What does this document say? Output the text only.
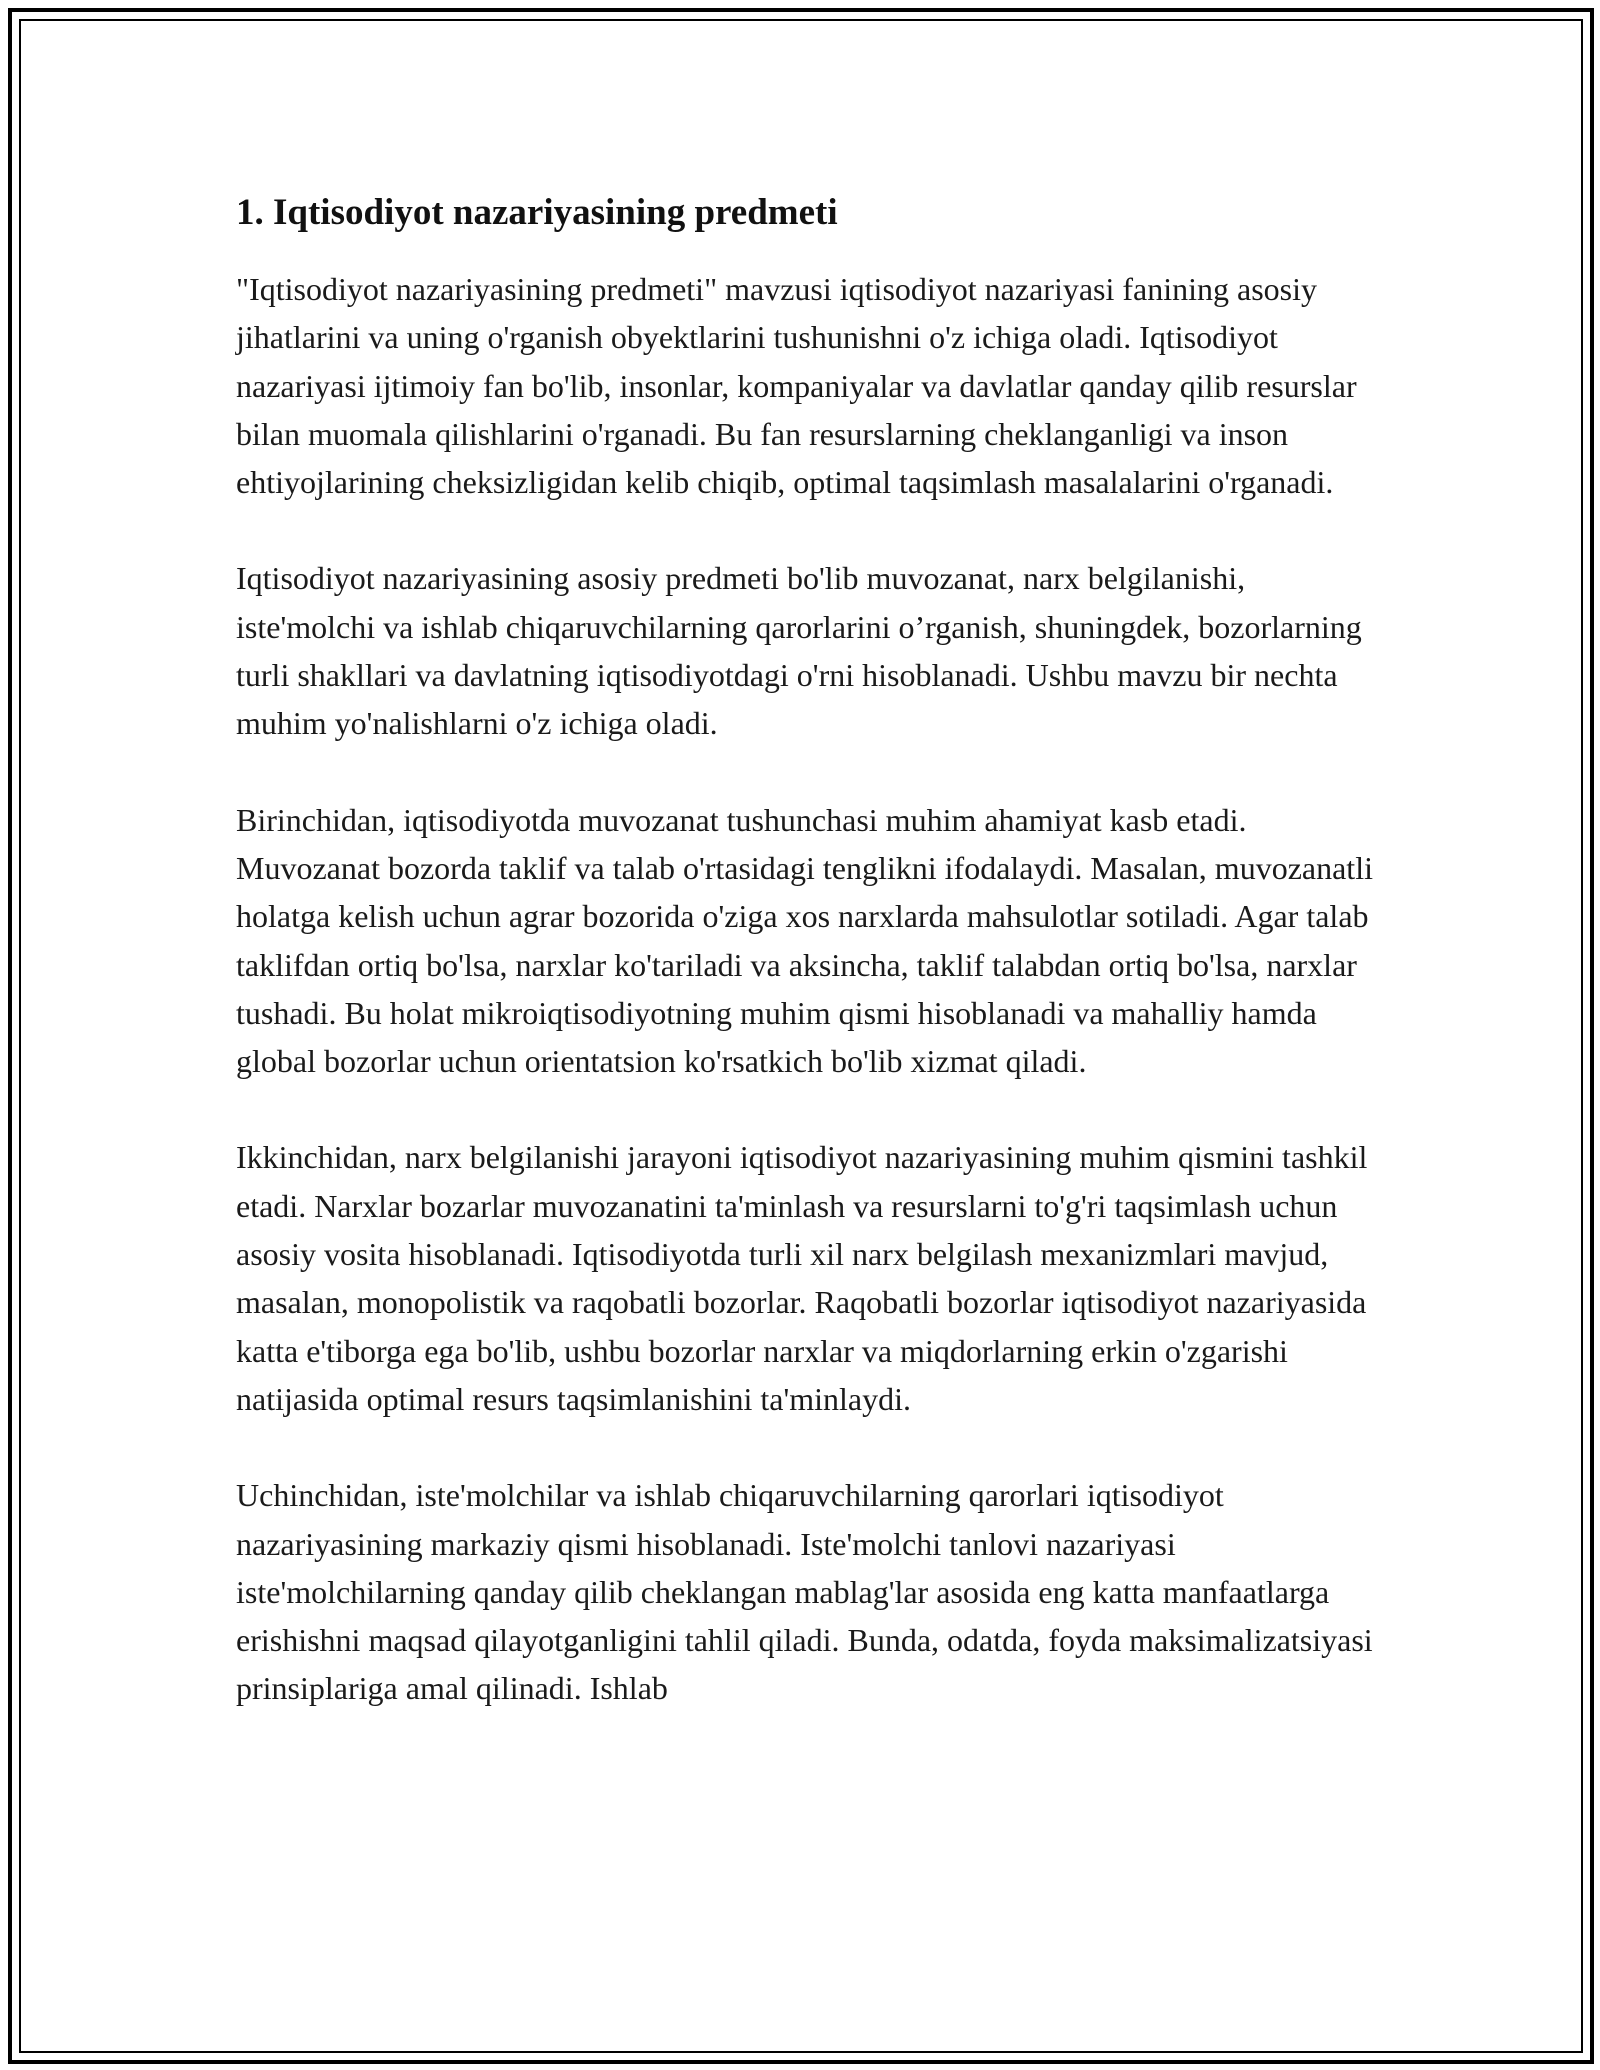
1. Iqtisodiyot nazariyasining predmeti

"Iqtisodiyot nazariyasining predmeti" mavzusi iqtisodiyot nazariyasi fanining asosiy jihatlarini va uning o'rganish obyektlarini tushunishni o'z ichiga oladi. Iqtisodiyot nazariyasi ijtimoiy fan bo'lib, insonlar, kompaniyalar va davlatlar qanday qilib resurslar bilan muomala qilishlarini o'rganadi. Bu fan resurslarning cheklanganligi va inson ehtiyojlarining cheksizligidan kelib chiqib, optimal taqsimlash masalalarini o'rganadi.

Iqtisodiyot nazariyasining asosiy predmeti bo'lib muvozanat, narx belgilanishi, iste'molchi va ishlab chiqaruvchilarning qarorlarini o’rganish, shuningdek, bozorlarning turli shakllari va davlatning iqtisodiyotdagi o'rni hisoblanadi. Ushbu mavzu bir nechta muhim yo'nalishlarni o'z ichiga oladi.

Birinchidan, iqtisodiyotda muvozanat tushunchasi muhim ahamiyat kasb etadi. Muvozanat bozorda taklif va talab o'rtasidagi tenglikni ifodalaydi. Masalan, muvozanatli holatga kelish uchun agrar bozorida o'ziga xos narxlarda mahsulotlar sotiladi. Agar talab taklifdan ortiq bo'lsa, narxlar ko'tariladi va aksincha, taklif talabdan ortiq bo'lsa, narxlar tushadi. Bu holat mikroiqtisodiyotning muhim qismi hisoblanadi va mahalliy hamda global bozorlar uchun orientatsion ko'rsatkich bo'lib xizmat qiladi.

Ikkinchidan, narx belgilanishi jarayoni iqtisodiyot nazariyasining muhim qismini tashkil etadi. Narxlar bozarlar muvozanatini ta'minlash va resurslarni to'g'ri taqsimlash uchun asosiy vosita hisoblanadi. Iqtisodiyotda turli xil narx belgilash mexanizmlari mavjud, masalan, monopolistik va raqobatli bozorlar. Raqobatli bozorlar iqtisodiyot nazariyasida katta e'tiborga ega bo'lib, ushbu bozorlar narxlar va miqdorlarning erkin o'zgarishi natijasida optimal resurs taqsimlanishini ta'minlaydi.

Uchinchidan, iste'molchilar va ishlab chiqaruvchilarning qarorlari iqtisodiyot nazariyasining markaziy qismi hisoblanadi. Iste'molchi tanlovi nazariyasi iste'molchilarning qanday qilib cheklangan mablag'lar asosida eng katta manfaatlarga erishishni maqsad qilayotganligini tahlil qiladi. Bunda, odatda, foyda maksimalizatsiyasi prinsiplariga amal qilinadi. Ishlab
